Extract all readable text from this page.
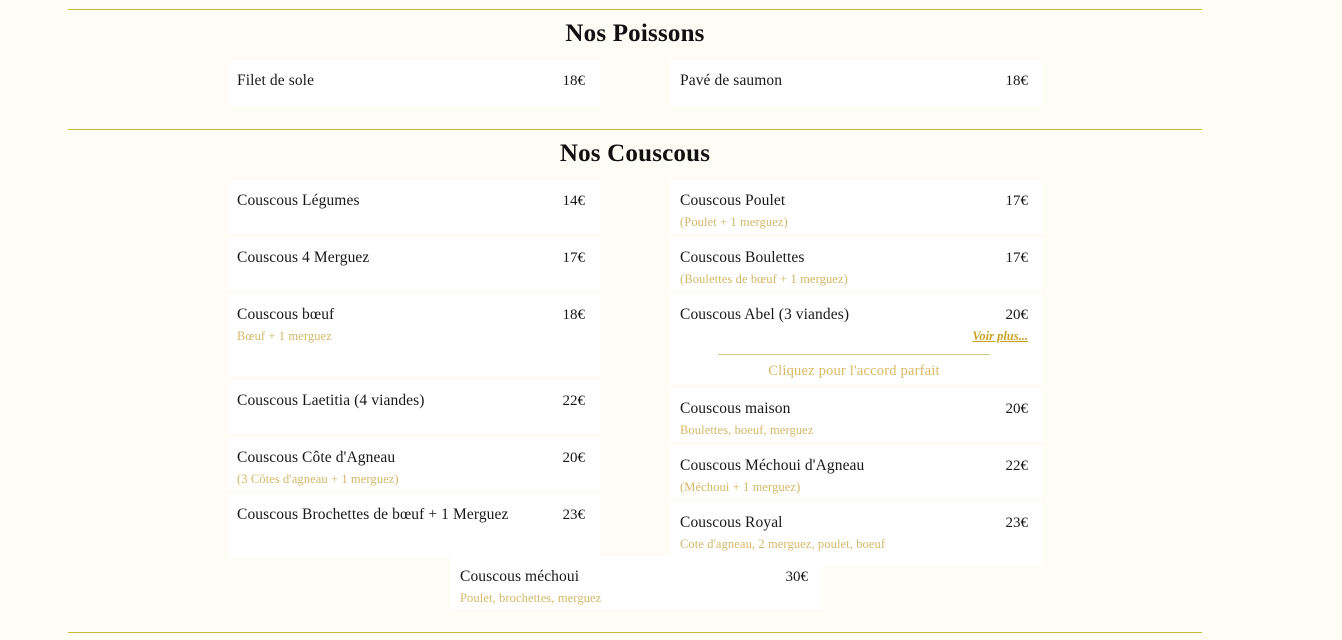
Nos Poissons
Filet de sole	18€	Pavé de saumon	18€
Nos Couscous
Couscous Légumes	14€
Couscous 4 Merguez	17€
Couscous bœuf	18€
Bœuf + 1 merguez
Couscous Laetitia (4 viandes)	22€
Couscous Côte d'Agneau	20€
(3 Côtes d'agneau + 1 merguez)
Couscous Brochettes de bœuf + 1 Merguez	23€
Couscous Poulet	17€
(Poulet + 1 merguez)
Couscous Boulettes	17€
(Boulettes de bœuf + 1 merguez)
Couscous Abel (3 viandes)	20€
Voir plus...
Cliquez pour l'accord parfait
Couscous maison	20€
Boulettes, boeuf, merguez
Couscous Méchoui d'Agneau	22€
(Méchoui + 1 merguez)
Couscous Royal	23€
Cote d'agneau, 2 merguez, poulet, boeuf
Couscous méchoui	30€
Poulet, brochettes, merguez
